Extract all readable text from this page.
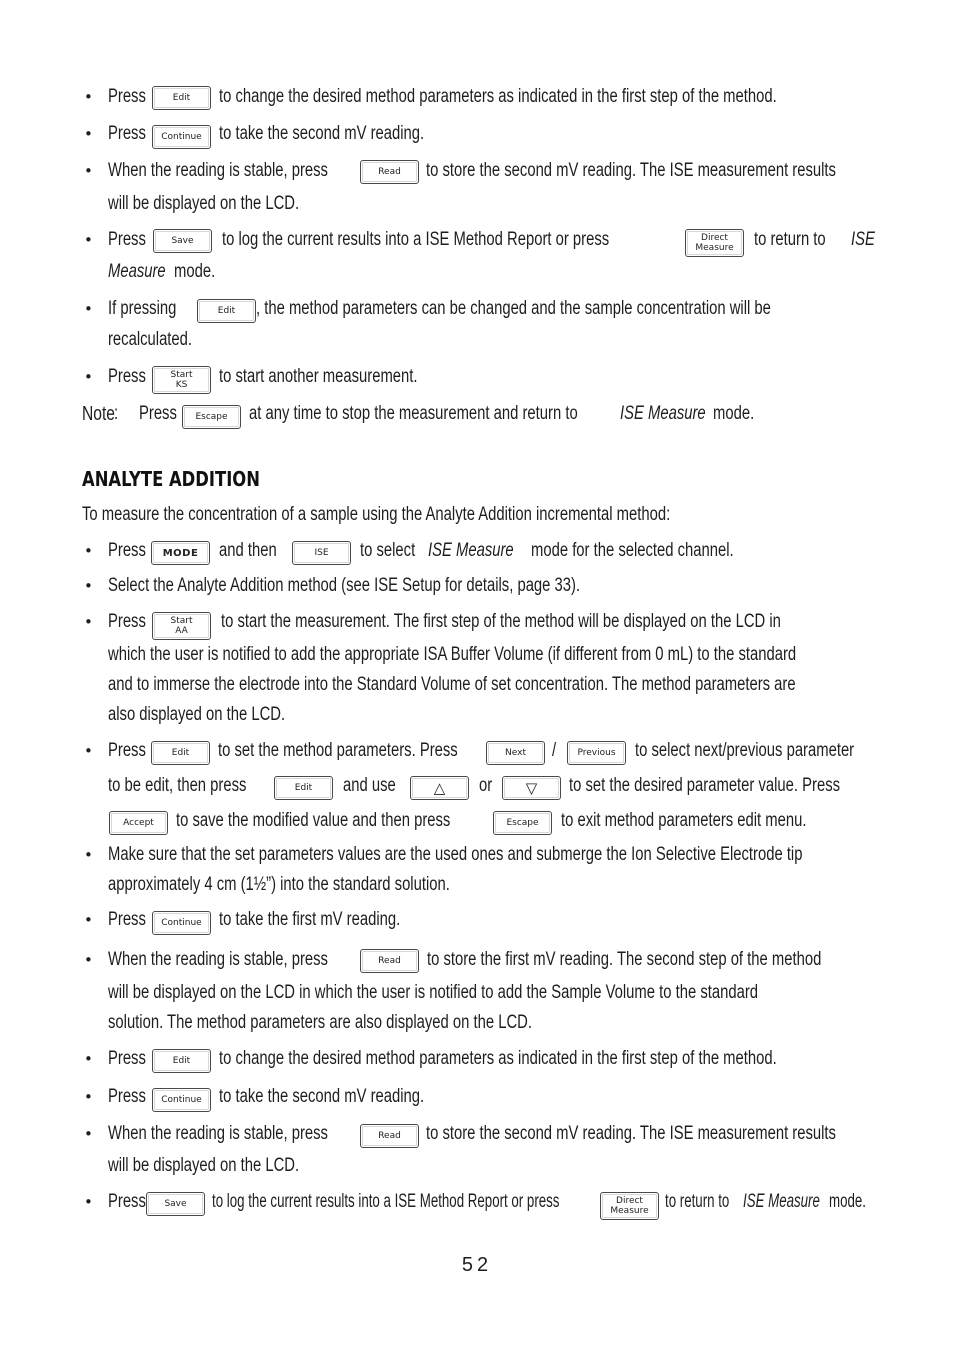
• Press	Edit	to change the desired method parameters as indicated in the first step of the method.
• Press	Continue to take the second mV reading.
• When the reading is stable, press	Read	to store the second mV reading. The ISE measurement results
will be displayed on the LCD.
• Press	Save	to log the current results into a ISE Method Report or press	Direct
Measure to return to ISE
Measure mode.
• If pressing	Edit	, the method parameters can be changed and the sample concentration will be
recalculated.
• Press	Start
KS to start another measurement.
Note : Press	Escape	at any time to stop the measurement and return to	ISE Measure mode.
ANALYTE ADDITION
To measure the concentration of a sample using the Analyte Addition incremental method:
• Press	MODE	and then	ISE	to select ISE Measure mode for the selected channel.
• Select the Analyte Addition method (see ISE Setup for details, page 33).
• Press	Start
AA to start the measurement. The first step of the method will be displayed on the LCD in
which the user is notified to add the appropriate ISA Buffer Volume (if different from 0 mL) to the standard
and to immerse the electrode into the Standard Volume of set concentration. The method parameters are
also displayed on the LCD.
• Press	Edit	to set the method parameters. Press	Next	/	Previous	to select next/previous parameter
to be edit, then press	Edit	and use	△	or	▽	to set the desired parameter value. Press
Accept	to save the modified value and then press	Escape	to exit method parameters edit menu.
• Make sure that the set parameters values are the used ones and submerge the Ion Selective Electrode tip
approximately 4 cm (1½”) into the standard solution.
• Press	Continue to take the first mV reading.
• When the reading is stable, press	Read	to store the first mV reading. The second step of the method
will be displayed on the LCD in which the user is notified to add the Sample Volume to the standard
solution. The method parameters are also displayed on the LCD.
• Press	Edit	to change the desired method parameters as indicated in the first step of the method.
• Press	Continue to take the second mV reading.
• When the reading is stable, press	Read	to store the second mV reading. The ISE measurement results
will be displayed on the LCD.
• Press	Save	to log the current results into a ISE Method Report or press	Direct
Measure to return to ISE Measure mode.
52
